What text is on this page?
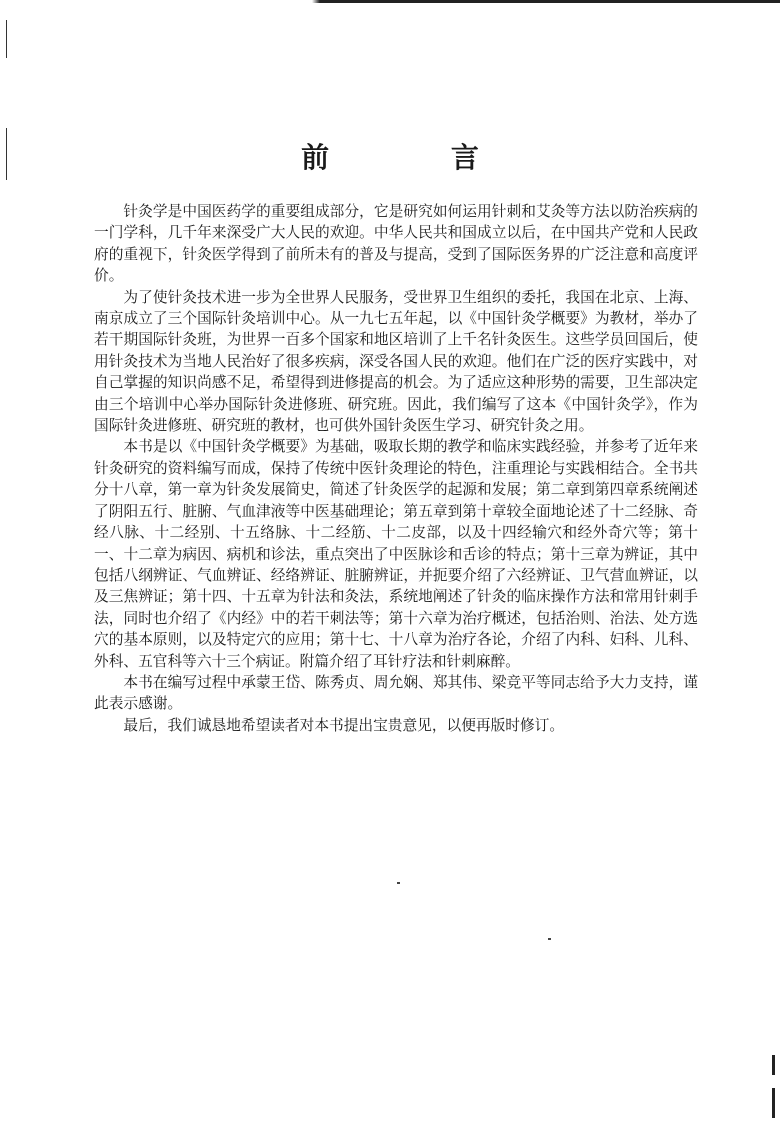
前 言

针灸学是中国医药学的重要组成部分，它是研究如何运用针刺和艾灸等方法以防治疾病的一门学科，几千年来深受广大人民的欢迎。中华人民共和国成立以后，在中国共产党和人民政府的重视下，针灸医学得到了前所未有的普及与提高，受到了国际医务界的广泛注意和高度评价。

为了使针灸技术进一步为全世界人民服务，受世界卫生组织的委托，我国在北京、上海、南京成立了三个国际针灸培训中心。从一九七五年起，以《中国针灸学概要》为教材，举办了若干期国际针灸班，为世界一百多个国家和地区培训了上千名针灸医生。这些学员回国后，使用针灸技术为当地人民治好了很多疾病，深受各国人民的欢迎。他们在广泛的医疗实践中，对自己掌握的知识尚感不足，希望得到进修提高的机会。为了适应这种形势的需要，卫生部决定由三个培训中心举办国际针灸进修班、研究班。因此，我们编写了这本《中国针灸学》，作为国际针灸进修班、研究班的教材，也可供外国针灸医生学习、研究针灸之用。

本书是以《中国针灸学概要》为基础，吸取长期的教学和临床实践经验，并参考了近年来针灸研究的资料编写而成，保持了传统中医针灸理论的特色，注重理论与实践相结合。全书共分十八章，第一章为针灸发展简史，简述了针灸医学的起源和发展；第二章到第四章系统阐述了阴阳五行、脏腑、气血津液等中医基础理论；第五章到第十章较全面地论述了十二经脉、奇经八脉、十二经别、十五络脉、十二经筋、十二皮部，以及十四经输穴和经外奇穴等；第十一、十二章为病因、病机和诊法，重点突出了中医脉诊和舌诊的特点；第十三章为辨证，其中包括八纲辨证、气血辨证、经络辨证、脏腑辨证，并扼要介绍了六经辨证、卫气营血辨证，以及三焦辨证；第十四、十五章为针法和灸法，系统地阐述了针灸的临床操作方法和常用针刺手法，同时也介绍了《内经》中的若干刺法等；第十六章为治疗概述，包括治则、治法、处方选穴的基本原则，以及特定穴的应用；第十七、十八章为治疗各论，介绍了内科、妇科、儿科、外科、五官科等六十三个病证。附篇介绍了耳针疗法和针刺麻醉。

本书在编写过程中承蒙王岱、陈秀贞、周允娴、郑其伟、梁竞平等同志给予大力支持，谨此表示感谢。

最后，我们诚恳地希望读者对本书提出宝贵意见，以便再版时修订。
